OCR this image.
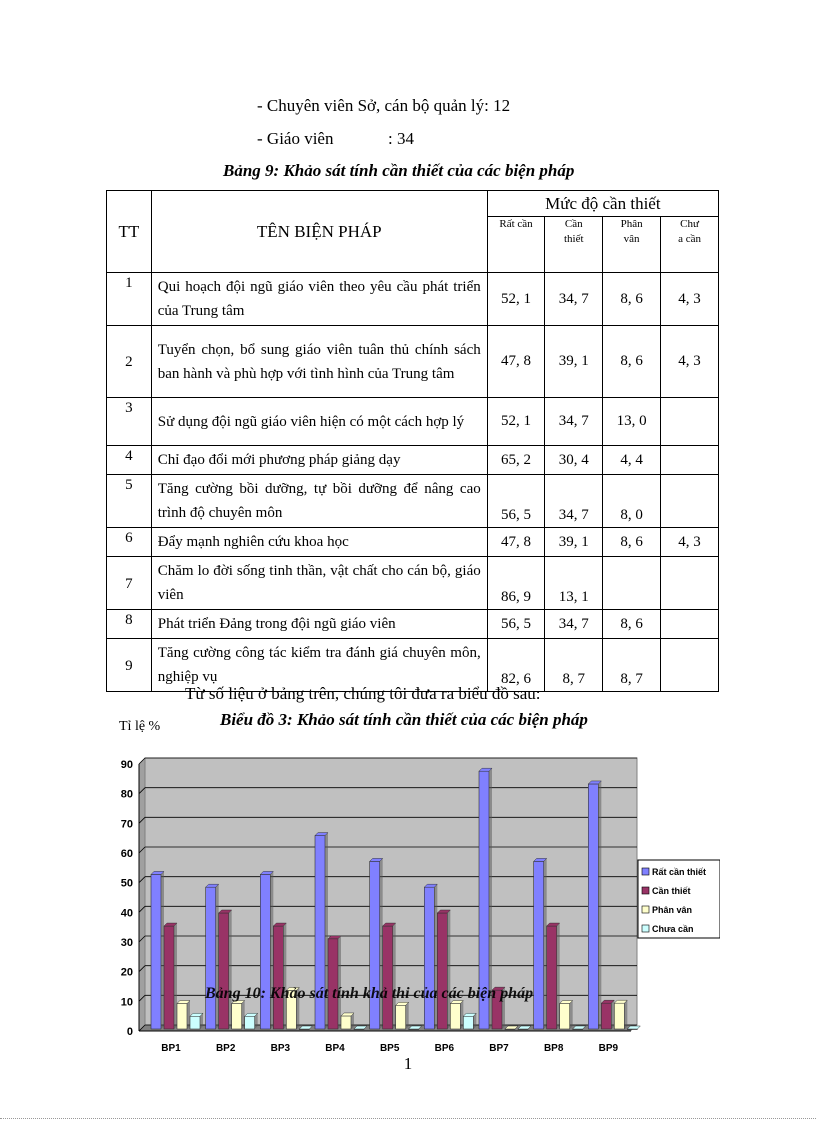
- Chuyên viên Sở, cán bộ quản lý: 12
- Giáo viên	: 34
Bảng 9: Khảo sát tính cần thiết của các biện pháp
TT	TÊN BIỆN PHÁP	Mức độ cần thiết			
		Rất cần	Cần thiết	Phân vân	Chư a cần
1	Qui hoạch đội ngũ giáo viên theo yêu cầu phát triển của Trung tâm	52, 1	34, 7	8, 6	4, 3
2	Tuyển chọn, bổ sung giáo viên tuân thủ chính sách ban hành và phù hợp với tình hình của Trung tâm	47, 8	39, 1	8, 6	4, 3
3	Sử dụng đội ngũ giáo viên hiện có một cách hợp lý	52, 1	34, 7	13, 0	
4	Chỉ đạo đổi mới phương pháp giảng dạy	65, 2	30, 4	4, 4	
5	Tăng cường bồi dưỡng, tự bồi dưỡng để nâng cao trình độ chuyên môn	56, 5	34, 7	8, 0	
6	Đẩy mạnh nghiên cứu khoa học	47, 8	39, 1	8, 6	4, 3
7	Chăm lo đời sống tinh thần, vật chất cho cán bộ, giáo viên	86, 9	13, 1		
8	Phát triển Đảng trong đội ngũ giáo viên	56, 5	34, 7	8, 6	
9	Tăng cường công tác kiểm tra đánh giá chuyên môn, nghiệp vụ	82, 6	8, 7	8, 7	
Từ số liệu ở bảng trên, chúng tôi đưa ra biểu đồ sau:
Biểu đồ 3: Khảo sát tính cần thiết của các biện pháp
Tỉ lệ %
0
10
20
30
40
50
60
70
80
90
BP1	BP2	BP3	BP4	BP5	BP6	BP7	BP8	BP9
Rất cần thiết
Cần thiết
Phân vân
Chưa cần
Bảng 10: Khảo sát tính khả thi của các biện pháp
1
